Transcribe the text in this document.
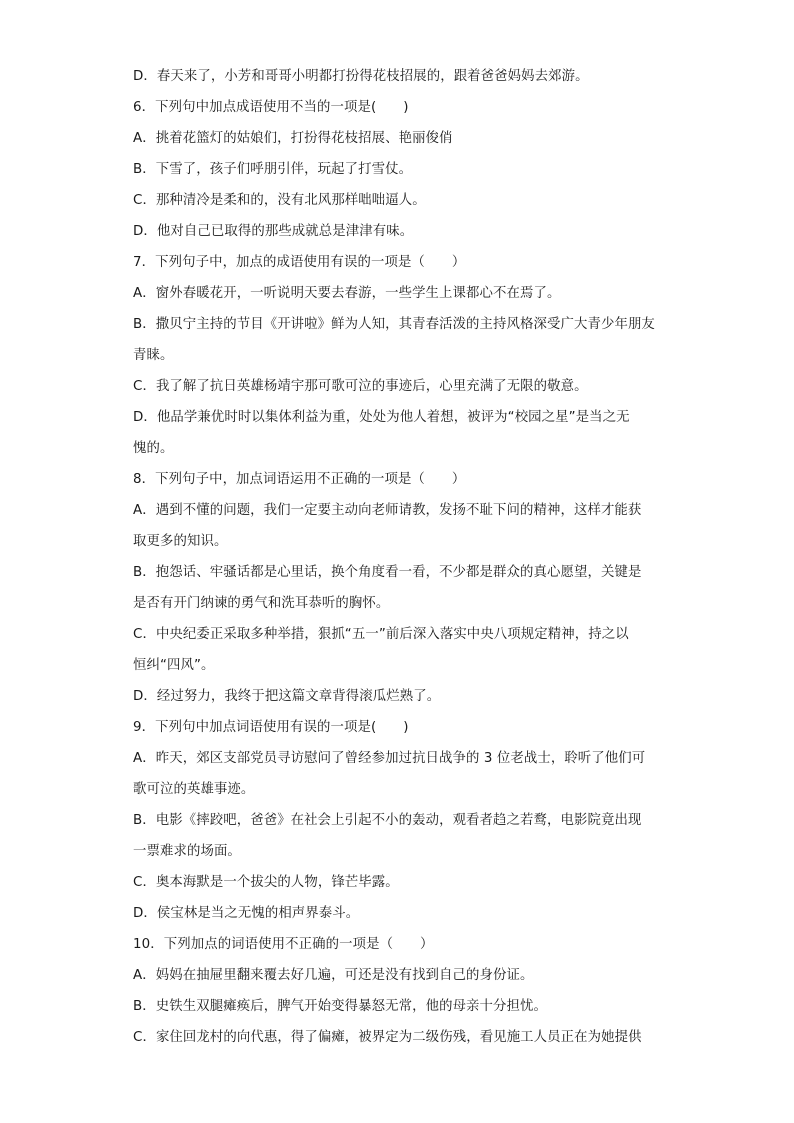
D．春天来了，小芳和哥哥小明都打扮得花枝招展的，跟着爸爸妈妈去郊游。
6．下列句中加点成语使用不当的一项是(　　)
A．挑着花篮灯的姑娘们，打扮得花枝招展、艳丽俊俏
B．下雪了，孩子们呼朋引伴，玩起了打雪仗。
C．那种清冷是柔和的，没有北风那样咄咄逼人。
D．他对自己已取得的那些成就总是津津有味。
7．下列句子中，加点的成语使用有误的一项是（　　）
A．窗外春暖花开，一听说明天要去春游，一些学生上课都心不在焉了。
B．撒贝宁主持的节目《开讲啦》鲜为人知，其青春活泼的主持风格深受广大青少年朋友
青睐。
C．我了解了抗日英雄杨靖宇那可歌可泣的事迹后，心里充满了无限的敬意。
D．他品学兼优时时以集体利益为重，处处为他人着想，被评为“校园之星”是当之无
愧的。
8．下列句子中，加点词语运用不正确的一项是（　　）
A．遇到不懂的问题，我们一定要主动向老师请教，发扬不耻下问的精神，这样才能获
取更多的知识。
B．抱怨话、牢骚话都是心里话，换个角度看一看，不少都是群众的真心愿望，关键是
是否有开门纳谏的勇气和洗耳恭听的胸怀。
C．中央纪委正采取多种举措，狠抓“五一”前后深入落实中央八项规定精神，持之以
恒纠“四风”。
D．经过努力，我终于把这篇文章背得滚瓜烂熟了。
9．下列句中加点词语使用有误的一项是(　　)
A．昨天，郊区支部党员寻访慰问了曾经参加过抗日战争的 3 位老战士，聆听了他们可
歌可泣的英雄事迹。
B．电影《摔跤吧，爸爸》在社会上引起不小的轰动，观看者趋之若鹜，电影院竟出现
一票难求的场面。
C．奥本海默是一个拔尖的人物，锋芒毕露。
D．侯宝林是当之无愧的相声界泰斗。
10．下列加点的词语使用不正确的一项是（　　）
A．妈妈在抽屉里翻来覆去好几遍，可还是没有找到自己的身份证。
B．史铁生双腿瘫痪后，脾气开始变得暴怒无常，他的母亲十分担忧。
C．家住回龙村的向代惠，得了偏瘫，被界定为二级伤残，看见施工人员正在为她提供
